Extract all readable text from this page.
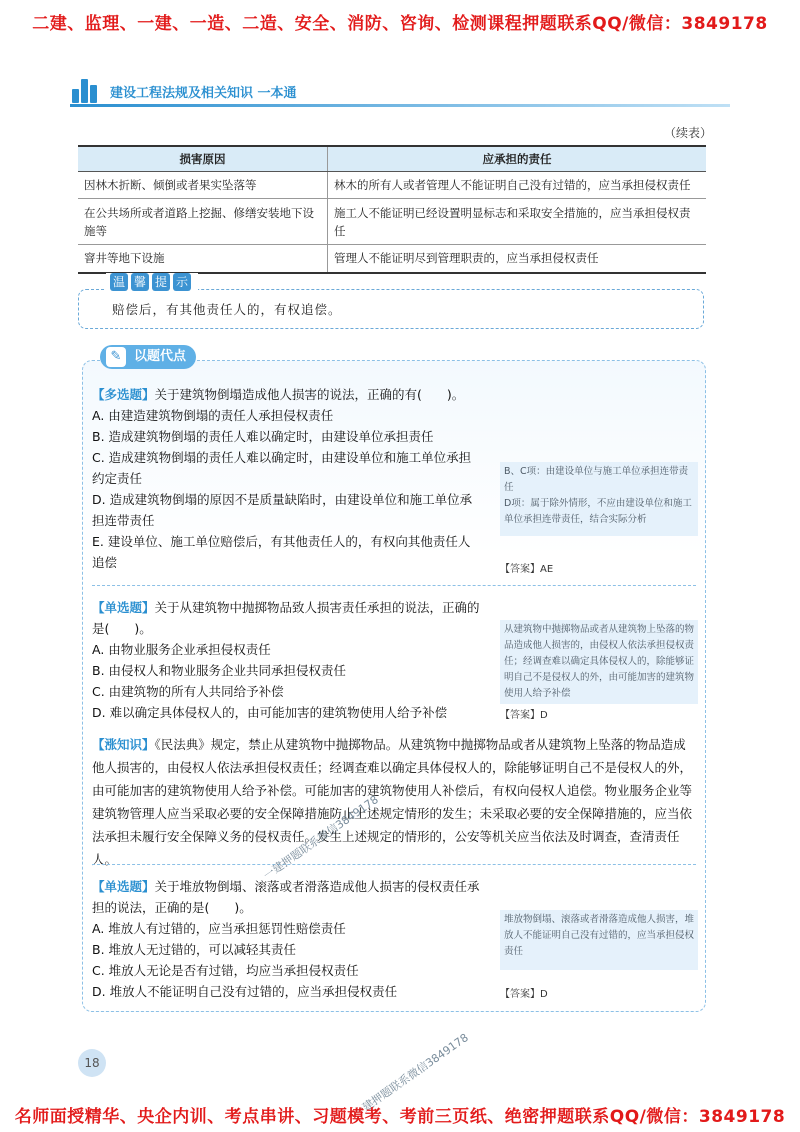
二建、监理、一建、一造、二造、安全、消防、咨询、检测课程押题联系QQ/微信：3849178
建设工程法规及相关知识 一本通
（续表）
损害原因	应承担的责任
因林木折断、倾倒或者果实坠落等	林木的所有人或者管理人不能证明自己没有过错的，应当承担侵权责任
在公共场所或者道路上挖掘、修缮安装地下设施等	施工人不能证明已经设置明显标志和采取安全措施的，应当承担侵权责任
窨井等地下设施	管理人不能证明尽到管理职责的，应当承担侵权责任
温 馨 提 示
赔偿后，有其他责任人的，有权追偿。
✎ 以题代点

【多选题】关于建筑物倒塌造成他人损害的说法，正确的有(　　)。

A. 由建造建筑物倒塌的责任人承担侵权责任

B. 造成建筑物倒塌的责任人难以确定时，由建设单位承担责任

C. 造成建筑物倒塌的责任人难以确定时，由建设单位和施工单位承担约定责任

D. 造成建筑物倒塌的原因不是质量缺陷时，由建设单位和施工单位承担连带责任

E. 建设单位、施工单位赔偿后，有其他责任人的，有权向其他责任人追偿

B、C项：由建设单位与施工单位承担连带责任
D项：属于除外情形，不应由建设单位和施工单位承担连带责任，结合实际分析
【答案】AE

【单选题】关于从建筑物中抛掷物品致人损害责任承担的说法，正确的是(　　)。

A. 由物业服务企业承担侵权责任

B. 由侵权人和物业服务企业共同承担侵权责任

C. 由建筑物的所有人共同给予补偿

D. 难以确定具体侵权人的，由可能加害的建筑物使用人给予补偿

从建筑物中抛掷物品或者从建筑物上坠落的物品造成他人损害的，由侵权人依法承担侵权责任；经调查难以确定具体侵权人的，除能够证明自己不是侵权人的外，由可能加害的建筑物使用人给予补偿
【答案】D
【涨知识】《民法典》规定，禁止从建筑物中抛掷物品。从建筑物中抛掷物品或者从建筑物上坠落的物品造成他人损害的，由侵权人依法承担侵权责任；经调查难以确定具体侵权人的，除能够证明自己不是侵权人的外，由可能加害的建筑物使用人给予补偿。可能加害的建筑物使用人补偿后，有权向侵权人追偿。物业服务企业等建筑物管理人应当采取必要的安全保障措施防止上述规定情形的发生；未采取必要的安全保障措施的，应当依法承担未履行安全保障义务的侵权责任。发生上述规定的情形的，公安等机关应当依法及时调查，查清责任人。

【单选题】关于堆放物倒塌、滚落或者滑落造成他人损害的侵权责任承担的说法，正确的是(　　)。

A. 堆放人有过错的，应当承担惩罚性赔偿责任

B. 堆放人无过错的，可以减轻其责任

C. 堆放人无论是否有过错，均应当承担侵权责任

D. 堆放人不能证明自己没有过错的，应当承担侵权责任

堆放物倒塌、滚落或者滑落造成他人损害，堆放人不能证明自己没有过错的，应当承担侵权责任
【答案】D
18
一建押题联系微信3849178
一建押题联系微信3849178
名师面授精华、央企内训、考点串讲、习题模考、考前三页纸、绝密押题联系QQ/微信：3849178
